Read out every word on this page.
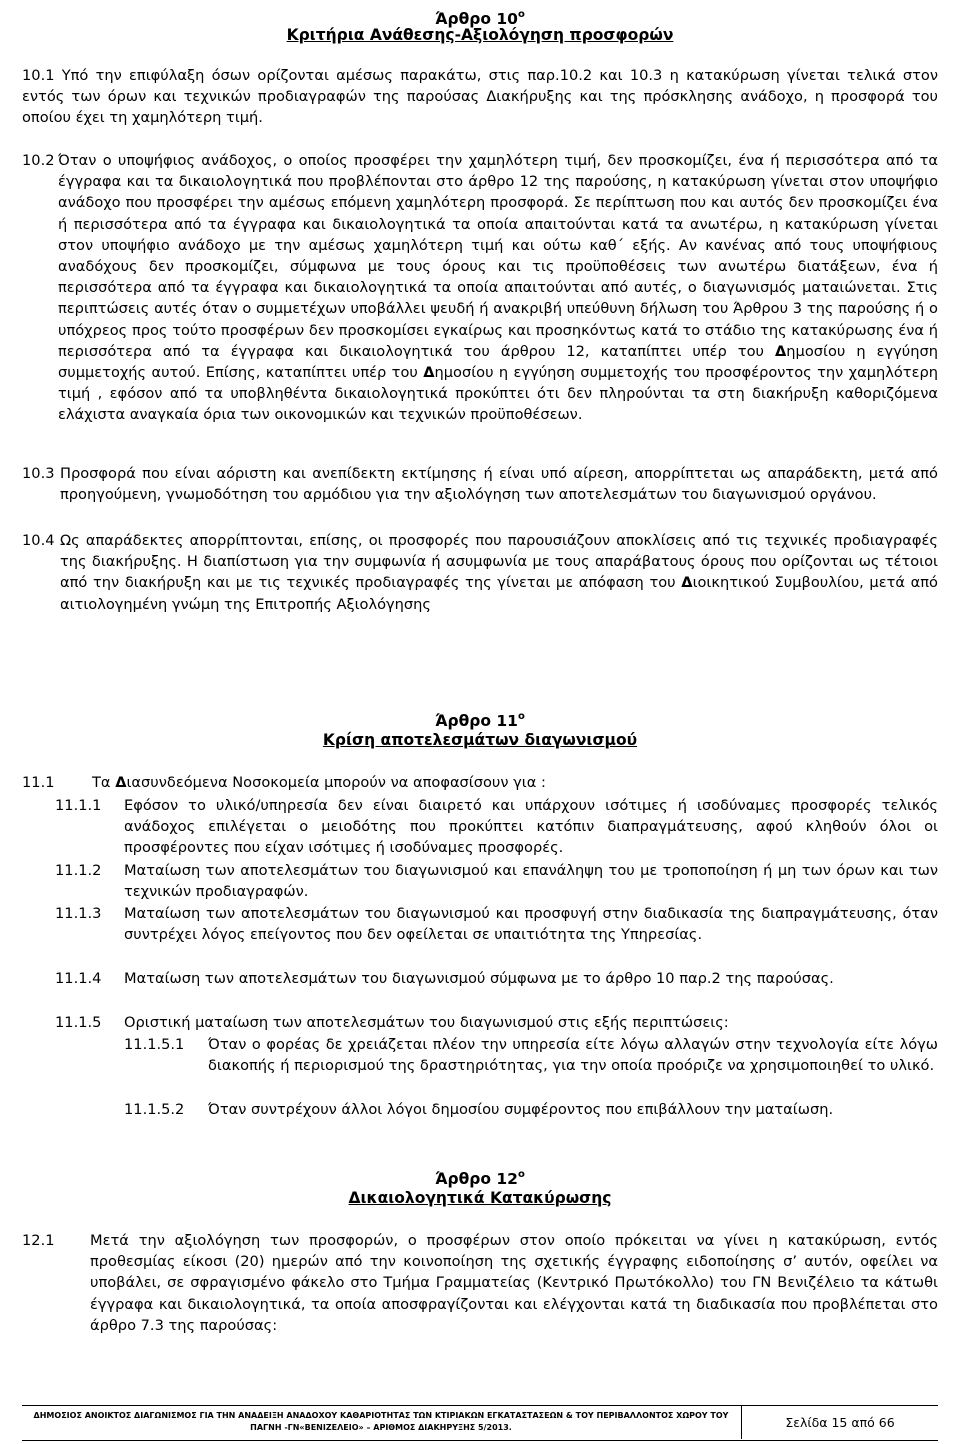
Άρθρο $10^o$
Κριτήρια Ανάθεσης-Αξιολόγηση προσφορών

10.1 Υπό την επιφύλαξη όσων ορίζονται αμέσως παρακάτω, στις παρ.10.2 και 10.3 η κατακύρωση γίνεται τελικά στον εντός των όρων και τεχνικών προδιαγραφών της παρούσας Διακήρυξης και της πρόσκλησης ανάδοχο, η προσφορά του οποίου έχει τη χαμηλότερη τιμή.

10.2 Όταν ο υποψήφιος ανάδοχος, ο οποίος προσφέρει την χαμηλότερη τιμή, δεν προσκομίζει, ένα ή περισσότερα από τα έγγραφα και τα δικαιολογητικά που προβλέπονται στο άρθρο 12 της παρούσης, η κατακύρωση γίνεται στον υποψήφιο ανάδοχο που προσφέρει την αμέσως επόμενη χαμηλότερη προσφορά. Σε περίπτωση που και αυτός δεν προσκομίζει ένα ή περισσότερα από τα έγγραφα και δικαιολογητικά τα οποία απαιτούνται κατά τα ανωτέρω, η κατακύρωση γίνεται στον υποψήφιο ανάδοχο με την αμέσως χαμηλότερη τιμή και ούτω καθ΄ εξής. Αν κανένας από τους υποψήφιους αναδόχους δεν προσκομίζει, σύμφωνα με τους όρους και τις προϋποθέσεις των ανωτέρω διατάξεων, ένα ή περισσότερα από τα έγγραφα και δικαιολογητικά τα οποία απαιτούνται από αυτές, ο διαγωνισμός ματαιώνεται. Στις περιπτώσεις αυτές όταν ο συμμετέχων υποβάλλει ψευδή ή ανακριβή υπεύθυνη δήλωση του Άρθρου 3 της παρούσης ή ο υπόχρεος προς τούτο προσφέρων δεν προσκομίσει εγκαίρως και προσηκόντως κατά το στάδιο της κατακύρωσης ένα ή περισσότερα από τα έγγραφα και δικαιολογητικά του άρθρου 12, καταπίπτει υπέρ του Δημοσίου η εγγύηση συμμετοχής αυτού. Επίσης, καταπίπτει υπέρ του Δημοσίου η εγγύηση συμμετοχής του προσφέροντος την χαμηλότερη τιμή , εφόσον από τα υποβληθέντα δικαιολογητικά προκύπτει ότι δεν πληρούνται τα στη διακήρυξη καθοριζόμενα ελάχιστα αναγκαία όρια των οικονομικών και τεχνικών προϋποθέσεων.
10.3 Προσφορά που είναι αόριστη και ανεπίδεκτη εκτίμησης ή είναι υπό αίρεση, απορρίπτεται ως απαράδεκτη, μετά από προηγούμενη, γνωμοδότηση του αρμόδιου για την αξιολόγηση των αποτελεσμάτων του διαγωνισμού οργάνου.
10.4 Ως απαράδεκτες απορρίπτονται, επίσης, οι προσφορές που παρουσιάζουν αποκλίσεις από τις τεχνικές προδιαγραφές της διακήρυξης. Η διαπίστωση για την συμφωνία ή ασυμφωνία με τους απαράβατους όρους που ορίζονται ως τέτοιοι από την διακήρυξη και με τις τεχνικές προδιαγραφές της γίνεται με απόφαση του Διοικητικού Συμβουλίου, μετά από αιτιολογημένη γνώμη της Επιτροπής Αξιολόγησης
Άρθρο $11^o$
Κρίση αποτελεσμάτων διαγωνισμού
11.1	Τα Διασυνδεόμενα Νοσοκομεία μπορούν να αποφασίσουν για :
11.1.1	Εφόσον το υλικό/υπηρεσία δεν είναι διαιρετό και υπάρχουν ισότιμες ή ισοδύναμες προσφορές τελικός ανάδοχος επιλέγεται ο μειοδότης που προκύπτει κατόπιν διαπραγμάτευσης, αφού κληθούν όλοι οι προσφέροντες που είχαν ισότιμες ή ισοδύναμες προσφορές.
11.1.2	Ματαίωση των αποτελεσμάτων του διαγωνισμού και επανάληψη του με τροποποίηση ή μη των όρων και των τεχνικών προδιαγραφών.
11.1.3	Ματαίωση των αποτελεσμάτων του διαγωνισμού και προσφυγή στην διαδικασία της διαπραγμάτευσης, όταν συντρέχει λόγος επείγοντος που δεν οφείλεται σε υπαιτιότητα της Υπηρεσίας.
11.1.4	Ματαίωση των αποτελεσμάτων του διαγωνισμού σύμφωνα με το άρθρο 10 παρ.2 της παρούσας.
11.1.5	Οριστική ματαίωση των αποτελεσμάτων του διαγωνισμού στις εξής περιπτώσεις:
11.1.5.1	Όταν ο φορέας δε χρειάζεται πλέον την υπηρεσία είτε λόγω αλλαγών στην τεχνολογία είτε λόγω διακοπής ή περιορισμού της δραστηριότητας, για την οποία προόριζε να χρησιμοποιηθεί το υλικό.
11.1.5.2	Όταν συντρέχουν άλλοι λόγοι δημοσίου συμφέροντος που επιβάλλουν την ματαίωση.
Άρθρο $12^o$
Δικαιολογητικά Κατακύρωσης
12.1	Μετά την αξιολόγηση των προσφορών, ο προσφέρων στον οποίο πρόκειται να γίνει η κατακύρωση, εντός προθεσμίας είκοσι (20) ημερών από την κοινοποίηση της σχετικής έγγραφης ειδοποίησης σ’ αυτόν, οφείλει να υποβάλει, σε σφραγισμένο φάκελο στο Τμήμα Γραμματείας (Κεντρικό Πρωτόκολλο) του ΓΝ Βενιζέλειο τα κάτωθι έγγραφα και δικαιολογητικά, τα οποία αποσφραγίζονται και ελέγχονται κατά τη διαδικασία που προβλέπεται στο άρθρο 7.3 της παρούσας:
ΔΗΜΟΣΙΟΣ ΑΝΟΙΚΤΟΣ ΔΙΑΓΩΝΙΣΜΟΣ ΓΙΑ ΤΗΝ ΑΝΑΔΕΙΞΗ ΑΝΑΔΟΧΟΥ ΚΑΘΑΡΙΟΤΗΤΑΣ ΤΩΝ ΚΤΙΡΙΑΚΩΝ ΕΓΚΑΤΑΣΤΑΣΕΩΝ & ΤΟΥ ΠΕΡΙΒΑΛΛΟΝΤΟΣ ΧΩΡΟΥ ΤΟΥ
ΠΑΓΝΗ -ΓΝ«ΒΕΝΙΖΕΛΕΙΟ» – ΑΡΙΘΜΟΣ ΔΙΑΚΗΡΥΞΗΣ 5/2013.	Σελίδα 15 από 66
